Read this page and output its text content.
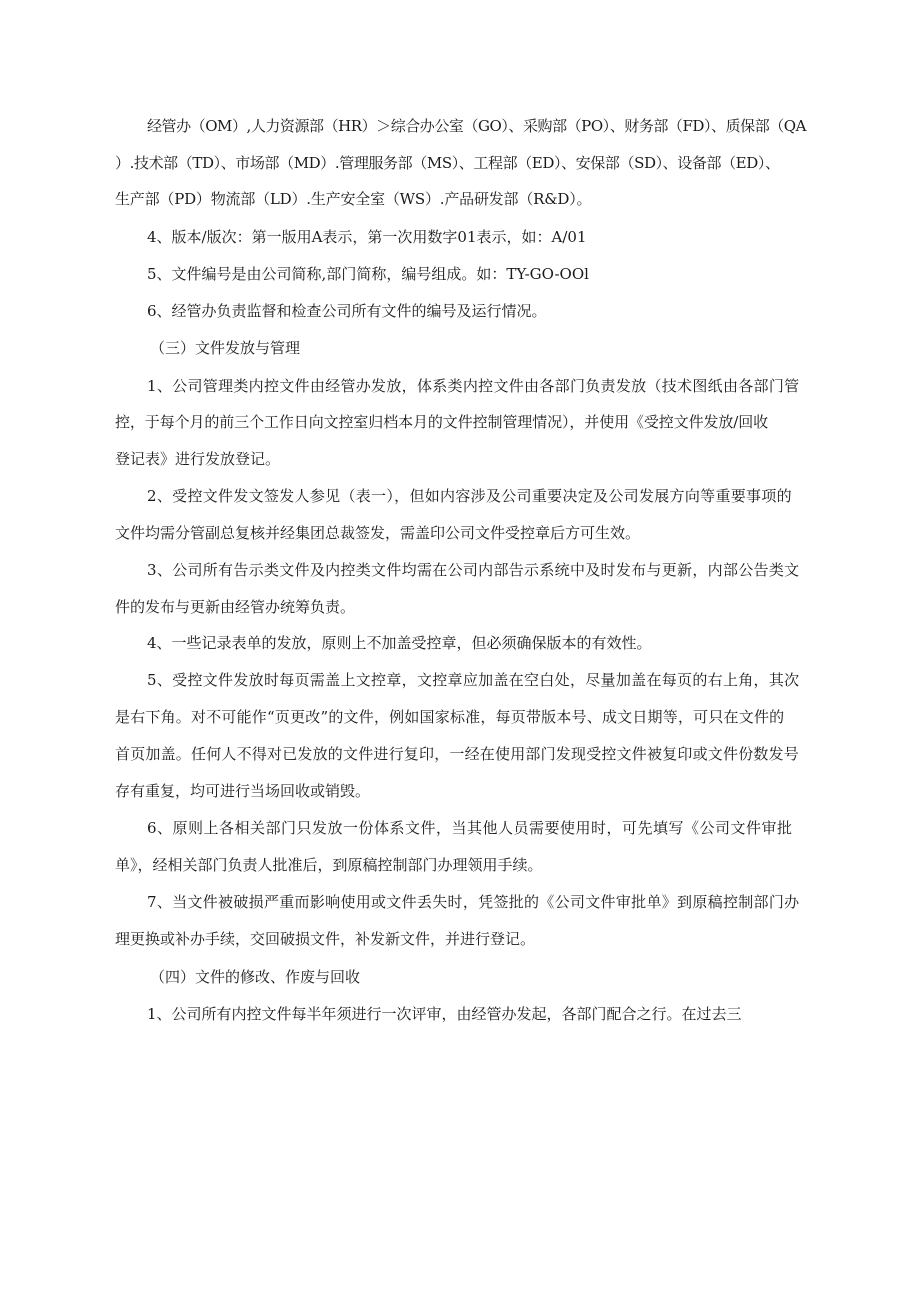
经管办（OM）,人力资源部（HR）＞综合办公室（GO）、采购部（PO）、财务部（FD）、质保部（QA

）.技术部（TD）、市场部（MD）.管理服务部（MS）、工程部（ED）、安保部（SD）、设备部（ED）、

生产部（PD）物流部（LD）.生产安全室（WS）.产品研发部（R&D）。

4、版本/版次：第一版用A表示，第一次用数字01表示，如：A/01

5、文件编号是由公司简称,部门简称，编号组成。如：TY-GO-OOl

6、经管办负责监督和检查公司所有文件的编号及运行情况。

（三）文件发放与管理

1、公司管理类内控文件由经管办发放，体系类内控文件由各部门负责发放（技术图纸由各部门管

控，于每个月的前三个工作日向文控室归档本月的文件控制管理情况），并使用《受控文件发放/回收

登记表》进行发放登记。

2、受控文件发文签发人参见（表一），但如内容涉及公司重要决定及公司发展方向等重要事项的

文件均需分管副总复核并经集团总裁签发，需盖印公司文件受控章后方可生效。

3、公司所有告示类文件及内控类文件均需在公司内部告示系统中及时发布与更新，内部公告类文

件的发布与更新由经管办统筹负责。

4、一些记录表单的发放，原则上不加盖受控章，但必须确保版本的有效性。

5、受控文件发放时每页需盖上文控章，文控章应加盖在空白处，尽量加盖在每页的右上角，其次

是右下角。对不可能作“页更改”的文件，例如国家标准，每页带版本号、成文日期等，可只在文件的

首页加盖。任何人不得对已发放的文件进行复印，一经在使用部门发现受控文件被复印或文件份数发号

存有重复，均可进行当场回收或销毁。

6、原则上各相关部门只发放一份体系文件，当其他人员需要使用时，可先填写《公司文件审批

单》，经相关部门负责人批准后，到原稿控制部门办理领用手续。

7、当文件被破损严重而影响使用或文件丢失时，凭签批的《公司文件审批单》到原稿控制部门办

理更换或补办手续，交回破损文件，补发新文件，并进行登记。

（四）文件的修改、作废与回收

1、公司所有内控文件每半年须进行一次评审，由经管办发起，各部门配合之行。在过去三
